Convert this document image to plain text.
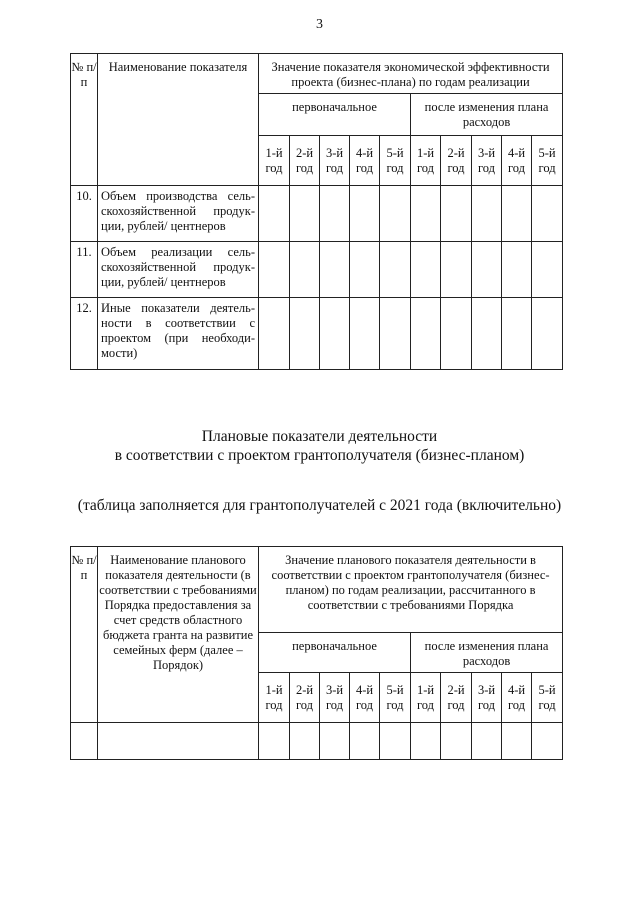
3
№ п/п	Наименование показателя	Значение показателя экономической эффективности проекта (бизнес-плана) по годам реализации									
		первоначальное					после изменения плана расходов				
		1-й год	2-й год	3-й год	4-й год	5-й год	1-й год	2-й год	3-й год	4-й год	5-й год
10.	Объем производства сель-скохозяйственной продук-ции, рублей/ центнеров										
11.	Объем реализации сель-скохозяйственной продук-ции, рублей/ центнеров										
12.	Иные показатели деятель-ности в соответствии с проектом (при необходи-мости)										
Плановые показатели деятельности
в соответствии с проектом грантополучателя (бизнес-планом)
(таблица заполняется для грантополучателей с 2021 года (включительно)
№ п/п	Наименование планового показателя деятельности (в соответствии с требованиями Порядка предоставления за счет средств областного бюджета гранта на развитие семейных ферм (далее – Порядок)	Значение планового показателя деятельности в соответствии с проектом грантополучателя (бизнес-планом) по годам реализации, рассчитанного в соответствии с требованиями Порядка									
		первоначальное					после изменения плана расходов				
		1-й год	2-й год	3-й год	4-й год	5-й год	1-й год	2-й год	3-й год	4-й год	5-й год
